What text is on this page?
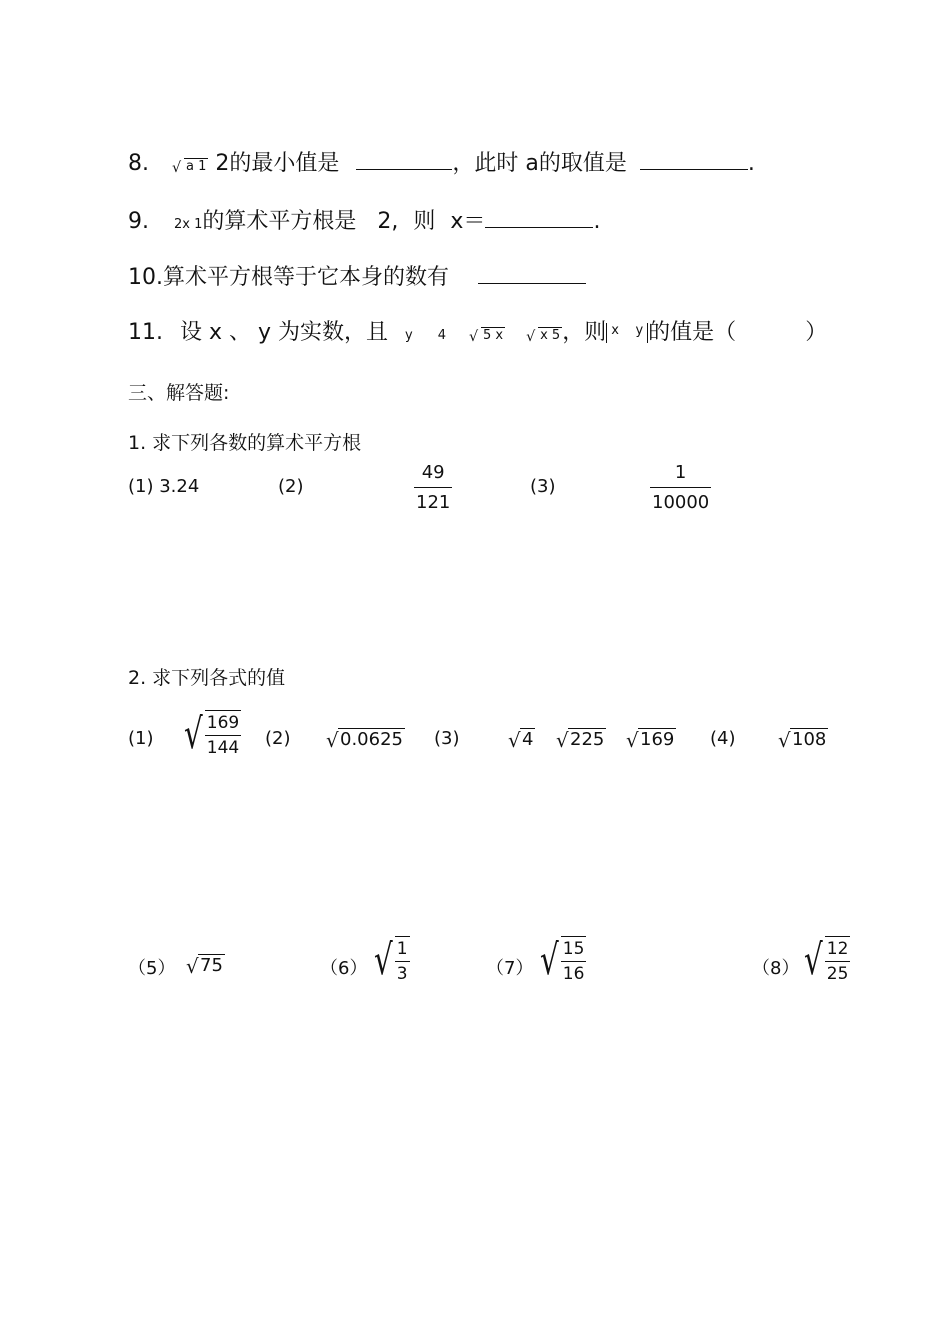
8.	√ a 1 2的最小值是	，此时 a的取值是	.
9. 2x 1的算术平方根是 2, 则 x＝	.
10.算术平方根等于它本身的数有
11. 设 x 、 y 为实数，且 y 4	√ 5 x	√ x 5，则 x y 的值是（	）
三、解答题:
1. 求下列各数的算术平方根
(1) 3.24	(2)	$\frac{49}{121}$	(3)	$\frac{1}{10000}$
2. 求下列各式的值
(1) √ $\frac{169}{144} (2)$	√ 0.0625 (3)	√ 4	√ 225	√ 169 (4)	√ 108
（5）	√ 75	（6） √ $\frac{1}{3}$	（7） √ $\frac{15}{16}$	（8） √ $\frac{12}{25}$
